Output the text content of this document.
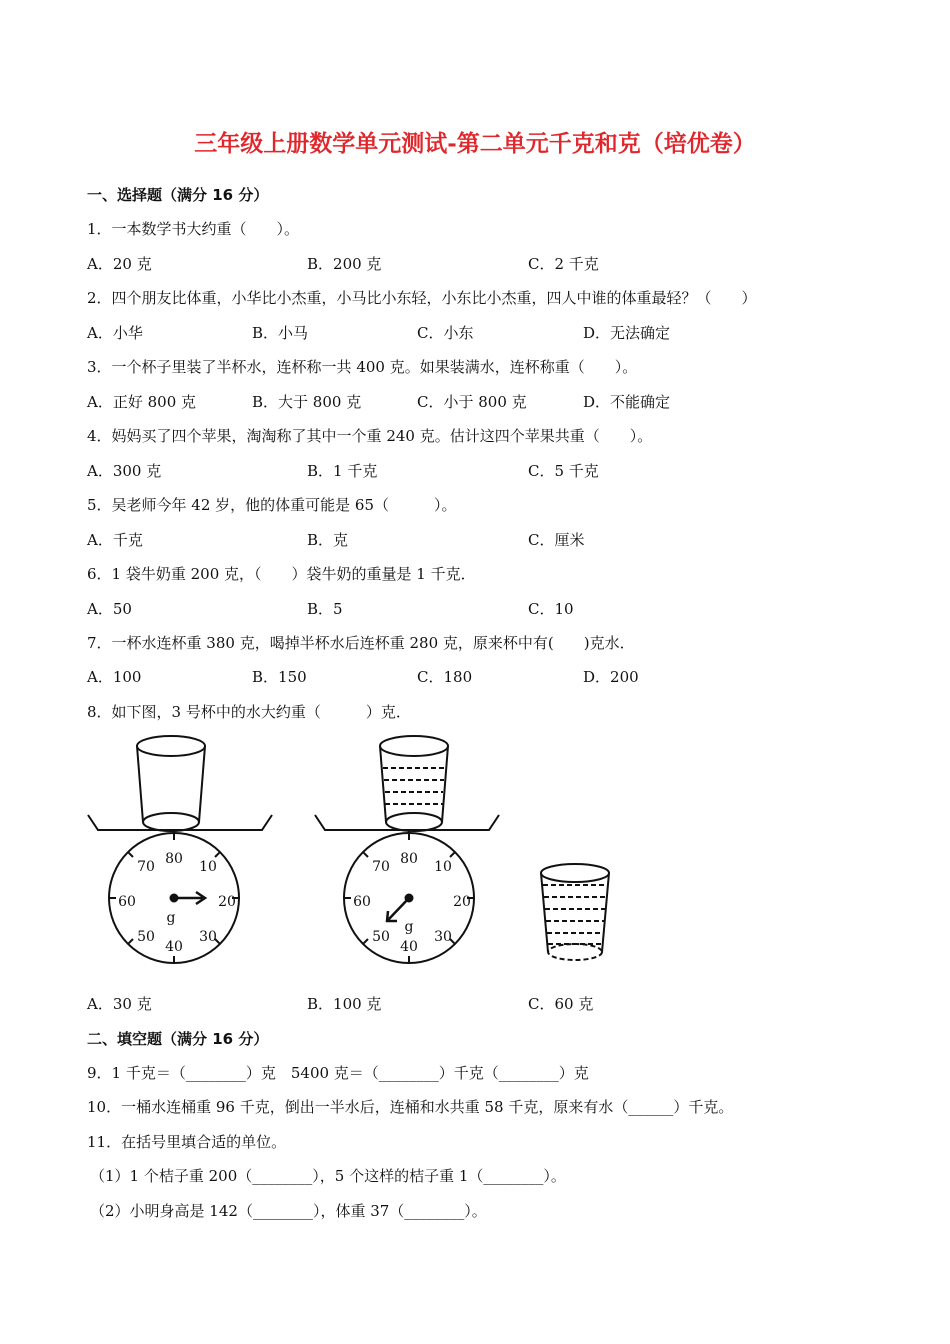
三年级上册数学单元测试-第二单元千克和克（培优卷）
一、选择题（满分 16 分）
1．一本数学书大约重（　　）。
A．20 克	B．200 克	C．2 千克
2．四个朋友比体重，小华比小杰重，小马比小东轻，小东比小杰重，四人中谁的体重最轻？（　　）
A．小华	B．小马	C．小东	D．无法确定
3．一个杯子里装了半杯水，连杯称一共 400 克。如果装满水，连杯称重（　　）。
A．正好 800 克	B．大于 800 克	C．小于 800 克	D．不能确定
4．妈妈买了四个苹果，淘淘称了其中一个重 240 克。估计这四个苹果共重（　　）。
A．300 克	B．1 千克	C．5 千克
5．吴老师今年 42 岁，他的体重可能是 65（　　　）。
A．千克	B．克	C．厘米
6．1 袋牛奶重 200 克，（　　）袋牛奶的重量是 1 千克．
A．50	B．5	C．10
7．一杯水连杯重 380 克，喝掉半杯水后连杯重 280 克，原来杯中有(　　)克水．
A．100	B．150	C．180	D．200
8．如下图，3 号杯中的水大约重（　　　）克．
80 10
20
30
40
50
60
70
g
80 10
20
30
40
50
60
70
g
A．30 克	B．100 克	C．60 克
二、填空题（满分 16 分）
9．1 千克＝（________）克　5400 克＝（________）千克（________）克
10．一桶水连桶重 96 千克，倒出一半水后，连桶和水共重 58 千克，原来有水（______）千克。
11．在括号里填合适的单位。
（1）1 个桔子重 200（________），5 个这样的桔子重 1（________）。
（2）小明身高是 142（________），体重 37（________）。
